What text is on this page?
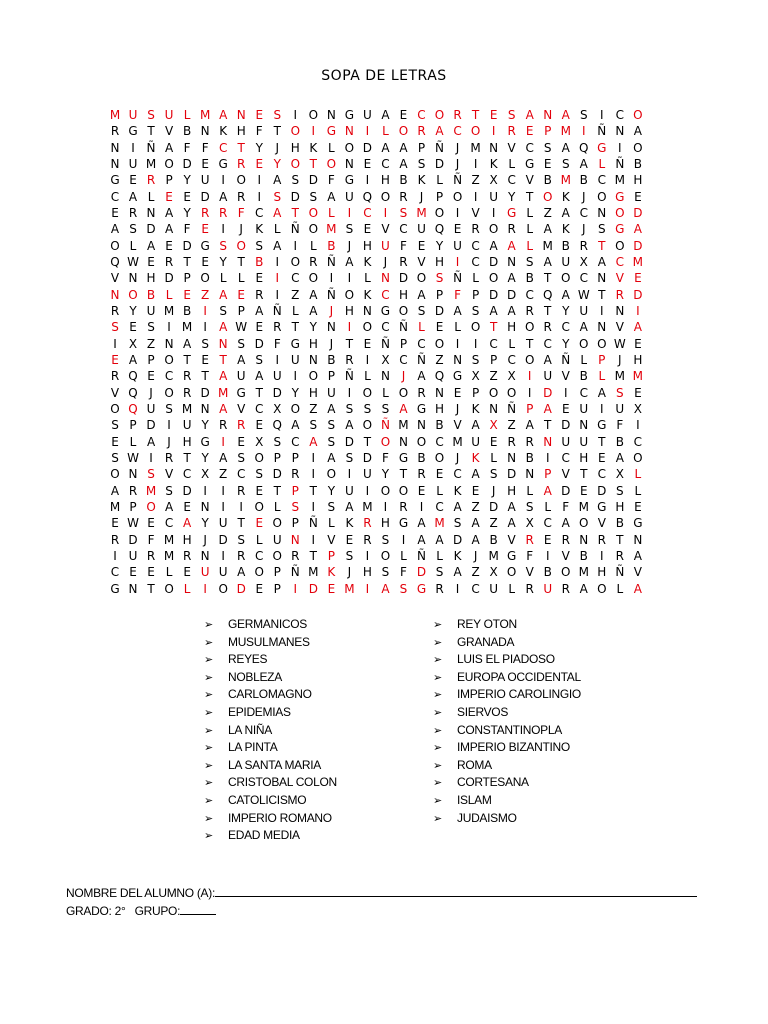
SOPA DE LETRAS
M U S U L M A N E S	I O N G U A E C O R T E S A N A S	I	C O
R G T V B N K H F T O I G N I	L O R A C O I	R E P M I Ñ N A
N I Ñ A F F C T Y	J H K L O D A A P Ñ J M N V C S A Q G I O
N U M O D E G R E Y O T O N E C A S D J	I	K L G E S A L Ñ B
G E R P Y U I O I	A S D F G I H B K L Ñ Z X C V B M B C M H
C A L E E D A R	I	S D S A U Q O R	J	P O I U Y T O K	J O G E
E R N A Y R R F C A T O L	I	C	I	S M O I	V	I G L Z A C N O D
A S D A F E	I	J	K L Ñ O M S E V C U Q E R O R L A K	J	S G A
O L A E D G S O S A	I	L B	J H U F E Y U C A A L M B R T O D
Q W E R T E Y T B	I O R Ñ A K	J	R V H I	C D N S A U X A C M
V N H D P O L L E	I	C O I	I	L N D O S Ñ L O A B T O C N V E
N O B L E Z A E R	I	Z A Ñ O K C H A P F P D D C Q A W T R D
R Y U M B	I	S P A Ñ L A	J H N G O S D A S A A R T Y U I N I
S E S	I M I	A W E R T Y N I O C Ñ L E L O T H O R C A N V A
I	X Z N A S N S D F G H J	T E Ñ P C O I	I	C L T C Y O O W E
E A P O T E T A S	I U N B R	I	X C Ñ Z N S P C O A Ñ L P	J H
R Q E C R T A U A U I O P Ñ L N J	A Q G X Z X	I U V B L M M
V Q J O R D M G T D Y H U I O L O R N E P O O I D I	C A S E
O Q U S M N A V C X O Z A S S S A G H J	K N Ñ P A E U I U X
S P D I U Y R R E Q A S S A O Ñ M N B V A X Z A T D N G F	I
E L A	J H G I	E X S C A S D T O N O C M U E R R N U U T B C
S W I	R T Y A S O P P	I	A S D F G B O J	K L N B	I	C H E A O
O N S V C X Z C S D R	I O I U Y T R E C A S D N P V T C X L
A R M S D I	I	R E T P T Y U I O O E L K E	J H L A D E D S L
M P O A E N I	I O L S	I	S A M I	R	I	C A Z D A S L F M G H E
E W E C A Y U T E O P Ñ L K R H G A M S A Z A X C A O V B G
R D F M H J D S L U N I	V E R S	I	A A D A B V R E R N R T N
I U R M R N I	R C O R T P S	I O L Ñ L K	J M G F	I	V B	I	R A
C E E L E U U A O P Ñ M K	J H S F D S A Z X O V B O M H Ñ V
G N T O L	I O D E P	I D E M I	A S G R	I	C U L R U R A O L A
➢ GERMANICOS
➢ MUSULMANES
➢ REYES
➢ NOBLEZA
➢ CARLOMAGNO
➢ EPIDEMIAS
➢ LA NIÑA
➢ LA PINTA
➢ LA SANTA MARIA
➢ CRISTOBAL COLON
➢ CATOLICISMO
➢ IMPERIO ROMANO
➢ EDAD MEDIA
➢ REY OTON
➢ GRANADA
➢ LUIS EL PIADOSO
➢ EUROPA OCCIDENTAL
➢ IMPERIO CAROLINGIO
➢ SIERVOS
➢ CONSTANTINOPLA
➢ IMPERIO BIZANTINO
➢ ROMA
➢ CORTESANA
➢ ISLAM
➢ JUDAISMO
NOMBRE DEL ALUMNO (A):
GRADO: 2° GRUPO:
